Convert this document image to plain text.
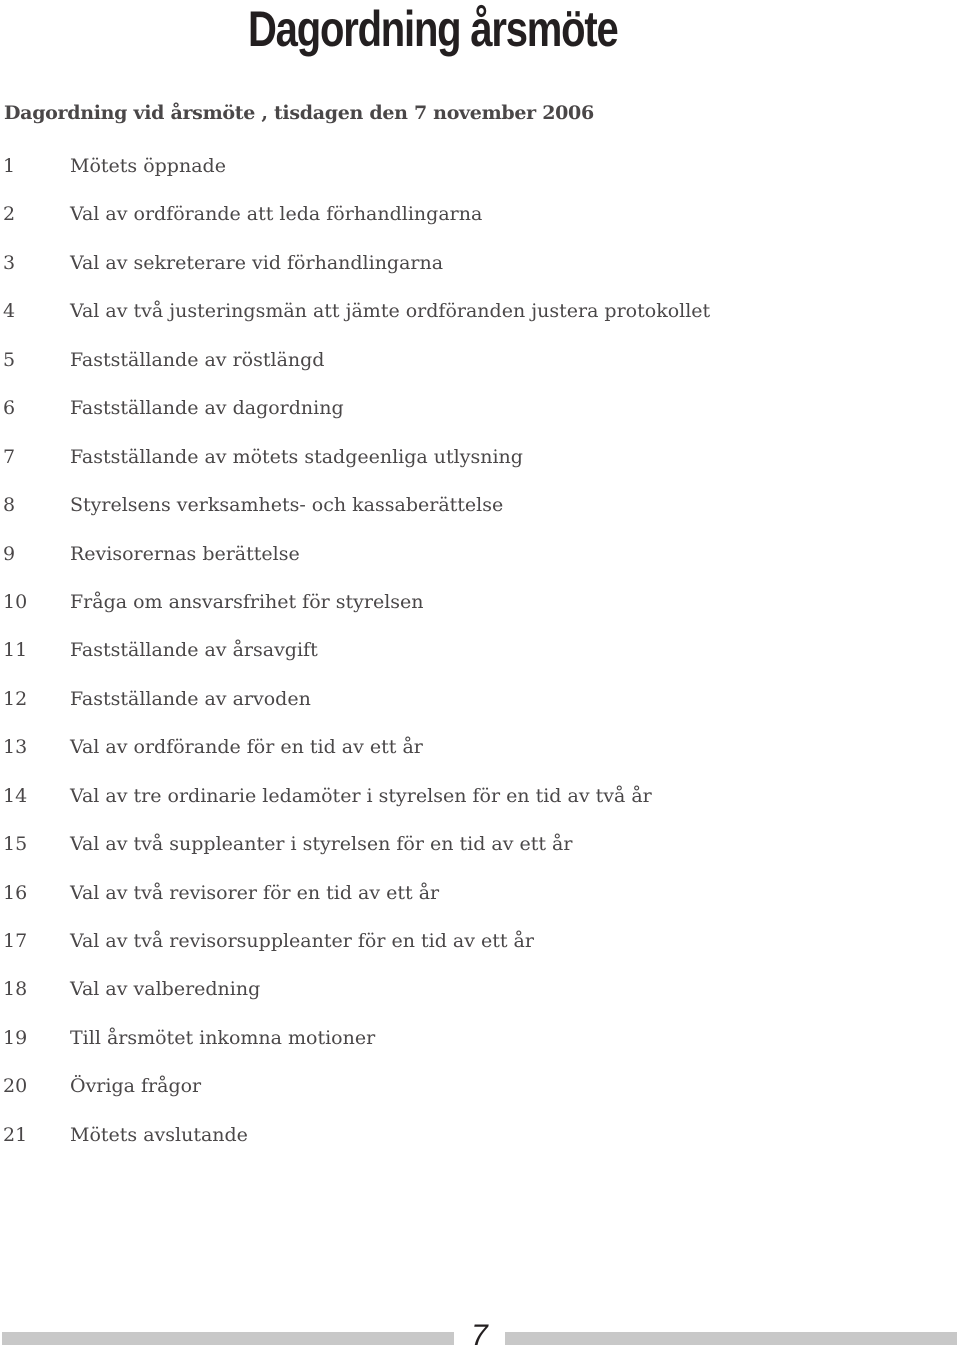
Dagordning årsmöte
Dagordning vid årsmöte , tisdagen den 7 november 2006
1	Mötets öppnade
2	Val av ordförande att leda förhandlingarna
3	Val av sekreterare vid förhandlingarna
4	Val av två justeringsmän att jämte ordföranden justera protokollet
5	Fastställande av röstlängd
6	Fastställande av dagordning
7	Fastställande av mötets stadgeenliga utlysning
8	Styrelsens verksamhets- och kassaberättelse
9	Revisorernas berättelse
10	Fråga om ansvarsfrihet för styrelsen
11	Fastställande av årsavgift
12	Fastställande av arvoden
13	Val av ordförande för en tid av ett år
14	Val av tre ordinarie ledamöter i styrelsen för en tid av två år
15	Val av två suppleanter i styrelsen för en tid av ett år
16	Val av två revisorer för en tid av ett år
17	Val av två revisorsuppleanter för en tid av ett år
18	Val av valberedning
19	Till årsmötet inkomna motioner
20	Övriga frågor
21	Mötets avslutande
7
